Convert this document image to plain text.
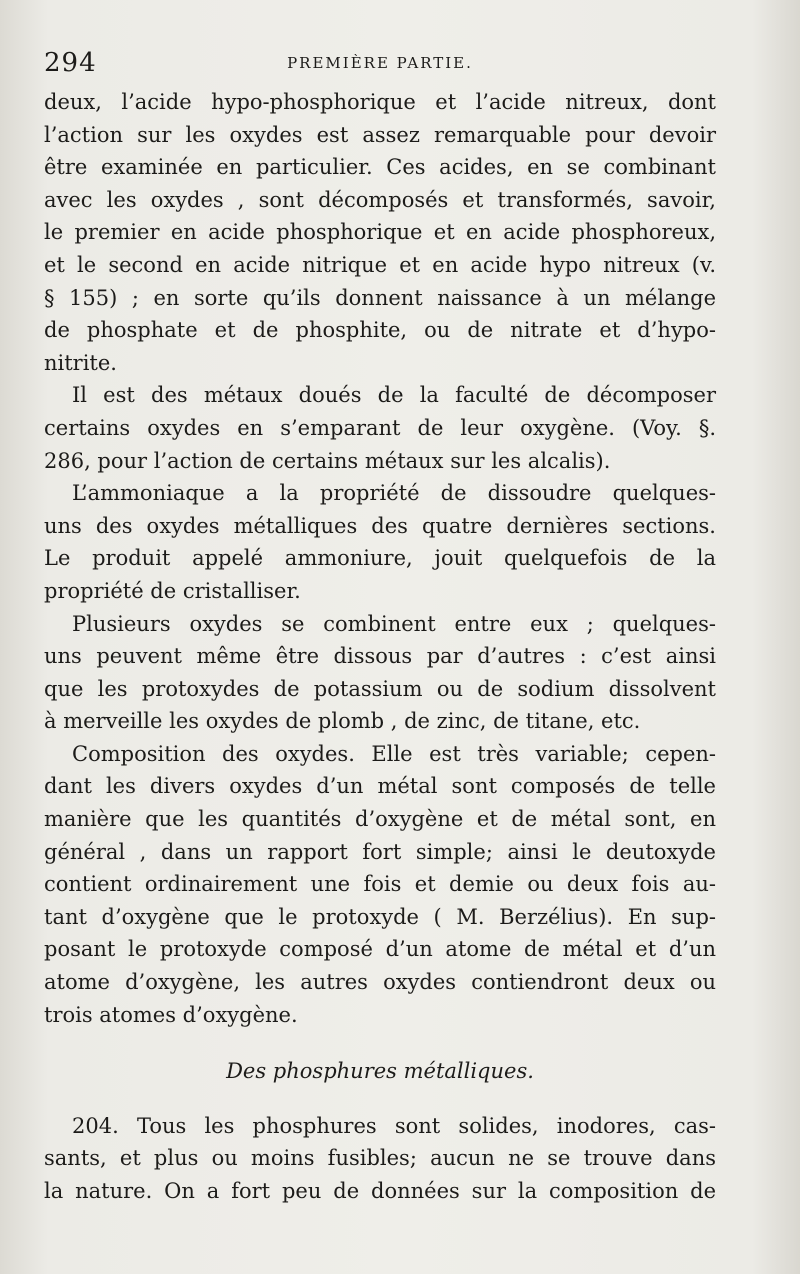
294	PREMIÈRE PARTIE.
deux, l’acide hypo-phosphorique et l’acide nitreux, dont
l’action sur les oxydes est assez remarquable pour devoir
être examinée en particulier. Ces acides, en se combinant
avec les oxydes , sont décomposés et transformés, savoir,
le premier en acide phosphorique et en acide phosphoreux,
et le second en acide nitrique et en acide hypo nitreux (v.
§ 155) ; en sorte qu’ils donnent naissance à un mélange
de phosphate et de phosphite, ou de nitrate et d’hypo-
nitrite.
Il est des métaux doués de la faculté de décomposer
certains oxydes en s’emparant de leur oxygène. (Voy. §.
286, pour l’action de certains métaux sur les alcalis).
L’ammoniaque a la propriété de dissoudre quelques-
uns des oxydes métalliques des quatre dernières sections.
Le produit appelé ammoniure, jouit quelquefois de la
propriété de cristalliser.
Plusieurs oxydes se combinent entre eux ; quelques-
uns peuvent même être dissous par d’autres : c’est ainsi
que les protoxydes de potassium ou de sodium dissolvent
à merveille les oxydes de plomb , de zinc, de titane, etc.
Composition des oxydes. Elle est très variable; cepen-
dant les divers oxydes d’un métal sont composés de telle
manière que les quantités d’oxygène et de métal sont, en
général , dans un rapport fort simple; ainsi le deutoxyde
contient ordinairement une fois et demie ou deux fois au-
tant d’oxygène que le protoxyde ( M. Berzélius). En sup-
posant le protoxyde composé d’un atome de métal et d’un
atome d’oxygène, les autres oxydes contiendront deux ou
trois atomes d’oxygène.
Des phosphures métalliques.
204. Tous les phosphures sont solides, inodores, cas-
sants, et plus ou moins fusibles; aucun ne se trouve dans
la nature. On a fort peu de données sur la composition de
